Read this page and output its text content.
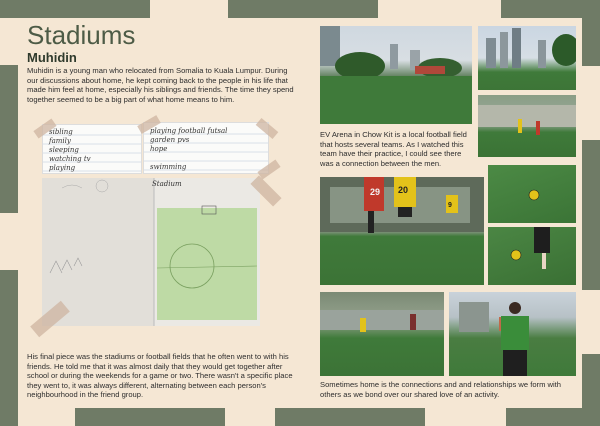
Stadiums
Muhidin
Muhidin is a young man who relocated from Somalia to Kuala Lumpur. During our discussions about home, he kept coming back to the people in his life that made him feel at home, especially his siblings and friends. The time they spend together seemed to be a big part of what home means to him.
sibling
family
sleeping
watching tv
playing
playing football futsal
garden pvs
hope
swimming
Stadium
His final piece was the stadiums or football fields that he often went to with his friends. He told me that it was almost daily that they would get together after school or during the weekends for a game or two. There wasn't a specific place they went to, it was always different, alternating between each person's neighbourhood in the friend group.
EV Arena in Chow Kit is a local football field that hosts several teams. As I watched this team have their practice, I could see there was a connection between the men.
29 20
9
Sometimes home is the connections and and relationships we form with others as we bond over our shared love of an activity.
